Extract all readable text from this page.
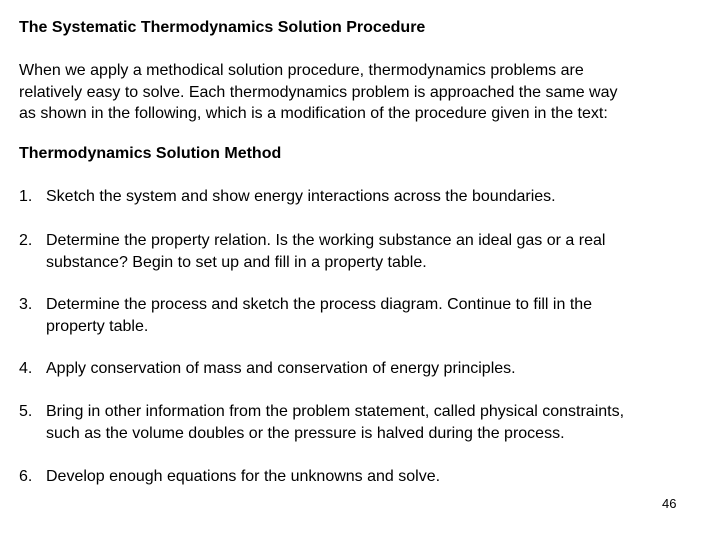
The Systematic Thermodynamics Solution Procedure
When we apply a methodical solution procedure, thermodynamics problems are
relatively easy to solve. Each thermodynamics problem is approached the same way
as shown in the following, which is a modification of the procedure given in the text:
Thermodynamics Solution Method
1. Sketch the system and show energy interactions across the boundaries.
2. Determine the property relation. Is the working substance an ideal gas or a real
substance? Begin to set up and fill in a property table.
3. Determine the process and sketch the process diagram. Continue to fill in the
property table.
4. Apply conservation of mass and conservation of energy principles.
5. Bring in other information from the problem statement, called physical constraints,
such as the volume doubles or the pressure is halved during the process.
6. Develop enough equations for the unknowns and solve.
46
